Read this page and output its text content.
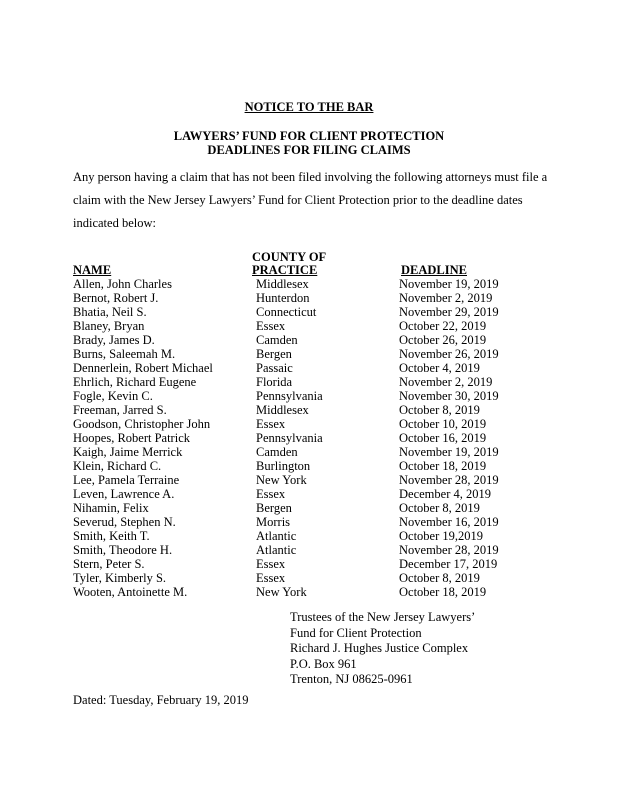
NOTICE TO THE BAR
LAWYERS’ FUND FOR CLIENT PROTECTION
DEADLINES FOR FILING CLAIMS

Any person having a claim that has not been filed involving the following attorneys must file a claim with the New Jersey Lawyers’ Fund for Client Protection prior to the deadline dates indicated below:

COUNTY OF
NAME	PRACTICE	DEADLINE
Allen, John Charles	Middlesex	November 19, 2019
Bernot, Robert J.	Hunterdon	November 2, 2019
Bhatia, Neil S.	Connecticut	November 29, 2019
Blaney, Bryan	Essex	October 22, 2019
Brady, James D.	Camden	October 26, 2019
Burns, Saleemah M.	Bergen	November 26, 2019
Dennerlein, Robert Michael	Passaic	October 4, 2019
Ehrlich, Richard Eugene	Florida	November 2, 2019
Fogle, Kevin C.	Pennsylvania	November 30, 2019
Freeman, Jarred S.	Middlesex	October 8, 2019
Goodson, Christopher John	Essex	October 10, 2019
Hoopes, Robert Patrick	Pennsylvania	October 16, 2019
Kaigh, Jaime Merrick	Camden	November 19, 2019
Klein, Richard C.	Burlington	October 18, 2019
Lee, Pamela Terraine	New York	November 28, 2019
Leven, Lawrence A.	Essex	December 4, 2019
Nihamin, Felix	Bergen	October 8, 2019
Severud, Stephen N.	Morris	November 16, 2019
Smith, Keith T.	Atlantic	October 19,2019
Smith, Theodore H.	Atlantic	November 28, 2019
Stern, Peter S.	Essex	December 17, 2019
Tyler, Kimberly S.	Essex	October 8, 2019
Wooten, Antoinette M.	New York	October 18, 2019
Trustees of the New Jersey Lawyers’
Fund for Client Protection
Richard J. Hughes Justice Complex
P.O. Box 961
Trenton, NJ 08625-0961
Dated: Tuesday, February 19, 2019
